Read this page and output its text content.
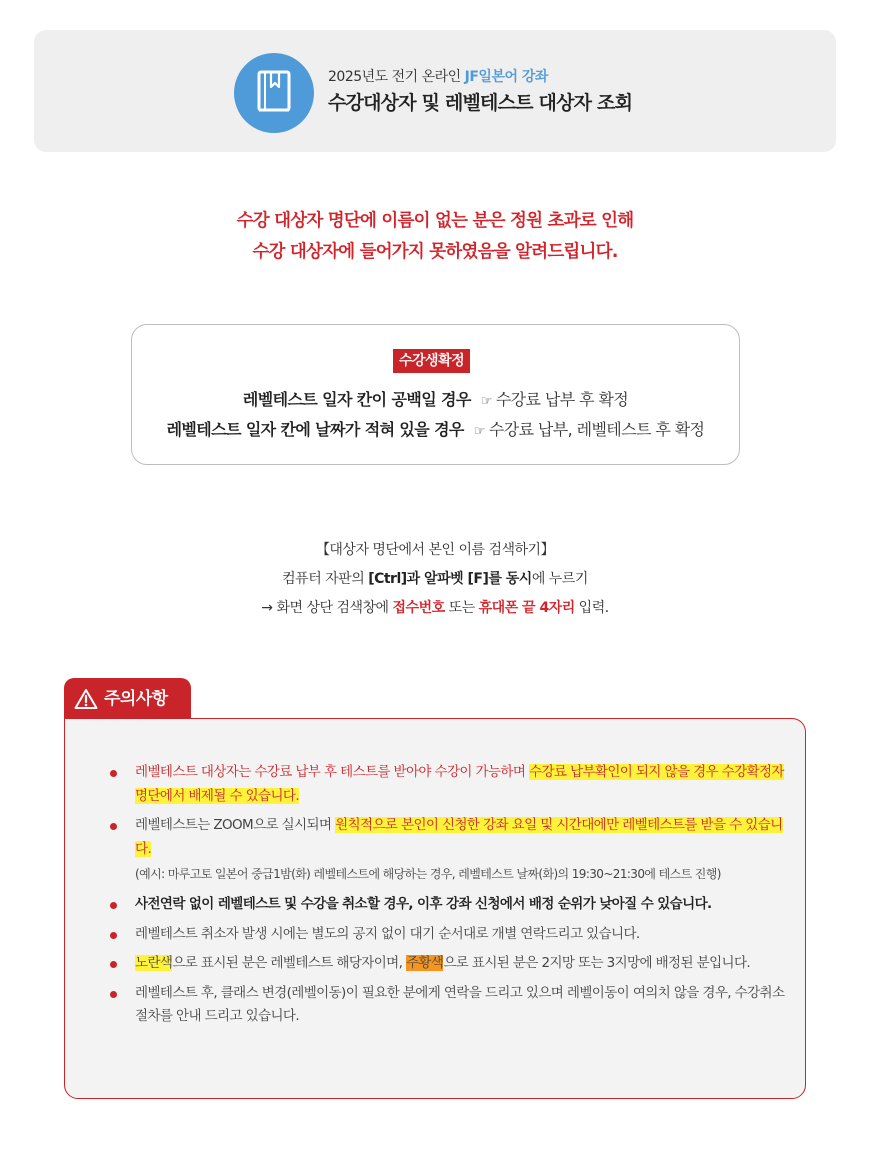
2025년도 전기 온라인 JF일본어 강좌
수강대상자 및 레벨테스트 대상자 조회
수강 대상자 명단에 이름이 없는 분은 정원 초과로 인해
수강 대상자에 들어가지 못하였음을 알려드립니다.
수강생확정
레벨테스트 일자 칸이 공백일 경우 ☞ 수강료 납부 후 확정
레벨테스트 일자 칸에 날짜가 적혀 있을 경우 ☞ 수강료 납부, 레벨테스트 후 확정
【대상자 명단에서 본인 이름 검색하기】
컴퓨터 자판의 [Ctrl]과 알파벳 [F]를 동시에 누르기
→ 화면 상단 검색창에 접수번호 또는 휴대폰 끝 4자리 입력.
주의사항
레벨테스트 대상자는 수강료 납부 후 테스트를 받아야 수강이 가능하며 수강료 납부확인이 되지 않을 경우 수강확정자 명단에서 배제될 수 있습니다.
레벨테스트는 ZOOM으로 실시되며 원칙적으로 본인이 신청한 강좌 요일 및 시간대에만 레벨테스트를 받을 수 있습니다.
(예시: 마루고토 일본어 중급1밤(화) 레벨테스트에 해당하는 경우, 레벨테스트 날짜(화)의 19:30~21:30에 테스트 진행)
사전연락 없이 레벨테스트 및 수강을 취소할 경우, 이후 강좌 신청에서 배정 순위가 낮아질 수 있습니다.
레벨테스트 취소자 발생 시에는 별도의 공지 없이 대기 순서대로 개별 연락드리고 있습니다.
노란색으로 표시된 분은 레벨테스트 해당자이며, 주황색으로 표시된 분은 2지망 또는 3지망에 배정된 분입니다.
레벨테스트 후, 클래스 변경(레벨이동)이 필요한 분에게 연락을 드리고 있으며 레벨이동이 여의치 않을 경우, 수강취소 절차를 안내 드리고 있습니다.
